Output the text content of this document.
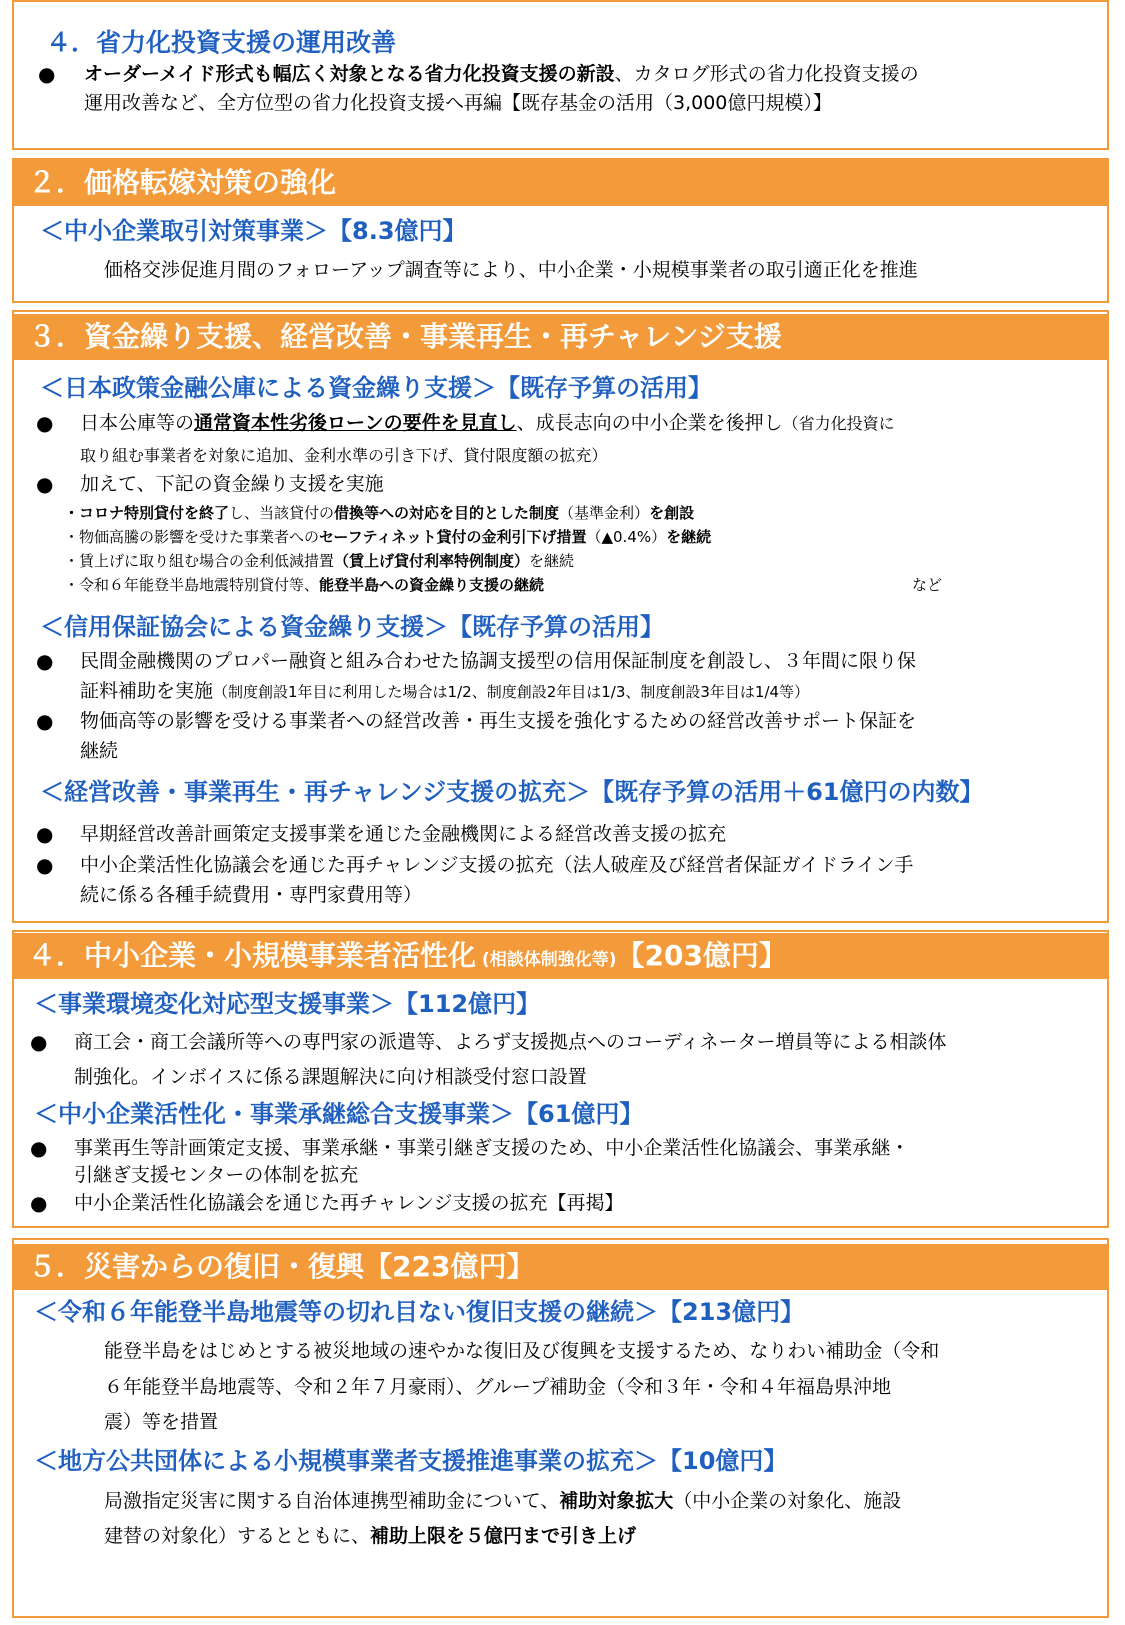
４．省力化投資支援の運用改善
● オーダーメイド形式も幅広く対象となる省力化投資支援の新設、カタログ形式の省力化投資支援の
運用改善など、全方位型の省力化投資支援へ再編【既存基金の活用（3,000億円規模）】
２．価格転嫁対策の強化
＜中小企業取引対策事業＞【8.3億円】
価格交渉促進月間のフォローアップ調査等により、中小企業・小規模事業者の取引適正化を推進
３．資金繰り支援、経営改善・事業再生・再チャレンジ支援
＜日本政策金融公庫による資金繰り支援＞【既存予算の活用】
● 日本公庫等の通常資本性劣後ローンの要件を見直し、成長志向の中小企業を後押し（省力化投資に
取り組む事業者を対象に追加、金利水準の引き下げ、貸付限度額の拡充）
● 加えて、下記の資金繰り支援を実施
・コロナ特別貸付を終了し、当該貸付の借換等への対応を目的とした制度（基準金利）を創設
・物価高騰の影響を受けた事業者へのセーフティネット貸付の金利引下げ措置（▲0.4%）を継続
・賃上げに取り組む場合の金利低減措置（賃上げ貸付利率特例制度）を継続
・令和６年能登半島地震特別貸付等、能登半島への資金繰り支援の継続	など
＜信用保証協会による資金繰り支援＞【既存予算の活用】
● 民間金融機関のプロパー融資と組み合わせた協調支援型の信用保証制度を創設し、３年間に限り保
証料補助を実施（制度創設1年目に利用した場合は1/2、制度創設2年目は1/3、制度創設3年目は1/4等）
● 物価高等の影響を受ける事業者への経営改善・再生支援を強化するための経営改善サポート保証を
継続
＜経営改善・事業再生・再チャレンジ支援の拡充＞【既存予算の活用＋61億円の内数】
● 早期経営改善計画策定支援事業を通じた金融機関による経営改善支援の拡充
● 中小企業活性化協議会を通じた再チャレンジ支援の拡充（法人破産及び経営者保証ガイドライン手
続に係る各種手続費用・専門家費用等）
４．中小企業・小規模事業者活性化 (相談体制強化等)【203億円】
＜事業環境変化対応型支援事業＞【112億円】
● 商工会・商工会議所等への専門家の派遣等、よろず支援拠点へのコーディネーター増員等による相談体
制強化。インボイスに係る課題解決に向け相談受付窓口設置
＜中小企業活性化・事業承継総合支援事業＞【61億円】
● 事業再生等計画策定支援、事業承継・事業引継ぎ支援のため、中小企業活性化協議会、事業承継・
引継ぎ支援センターの体制を拡充
● 中小企業活性化協議会を通じた再チャレンジ支援の拡充【再掲】
５．災害からの復旧・復興【223億円】
＜令和６年能登半島地震等の切れ目ない復旧支援の継続＞【213億円】
能登半島をはじめとする被災地域の速やかな復旧及び復興を支援するため、なりわい補助金（令和
６年能登半島地震等、令和２年７月豪雨）、グループ補助金（令和３年・令和４年福島県沖地
震）等を措置
＜地方公共団体による小規模事業者支援推進事業の拡充＞【10億円】
局激指定災害に関する自治体連携型補助金について、補助対象拡大（中小企業の対象化、施設
建替の対象化）するとともに、補助上限を５億円まで引き上げ
